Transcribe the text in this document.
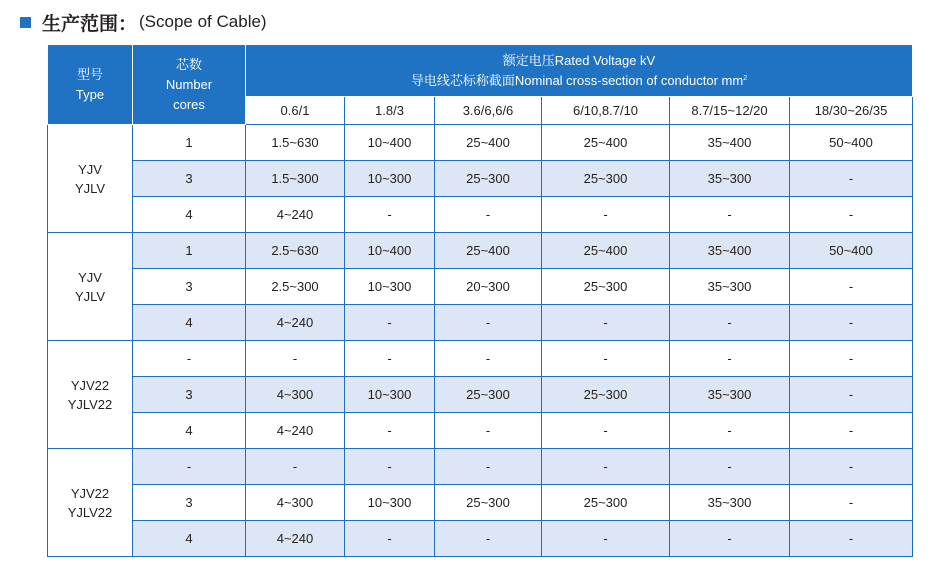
生产范围： (Scope of Cable)
型号
Type	芯数
Number
cores	额定电压Rated Voltage kV
导电线芯标称截面Nominal cross-section of conductor $mm^2$

		0.6/1	1.8/3	3.6/6,6/6	6/10,8.7/10	8.7/15~12/20	18/30~26/35

YJV
YJLV	1	1.5~630	10~400	25~400	25~400	35~400	50~400
	3	1.5~300	10~300	25~300	25~300	35~300	-
	4	4~240	-	-	-	-	-

YJV
YJLV	1	2.5~630	10~400	25~400	25~400	35~400	50~400
	3	2.5~300	10~300	20~300	25~300	35~300	-
	4	4~240	-	-	-	-	-

YJV22
YJLV22	-	-	-	-	-	-	-
	3	4~300	10~300	25~300	25~300	35~300	-
	4	4~240	-	-	-	-	-

YJV22
YJLV22	-	-	-	-	-	-	-
	3	4~300	10~300	25~300	25~300	35~300	-
	4	4~240	-	-	-	-	-
